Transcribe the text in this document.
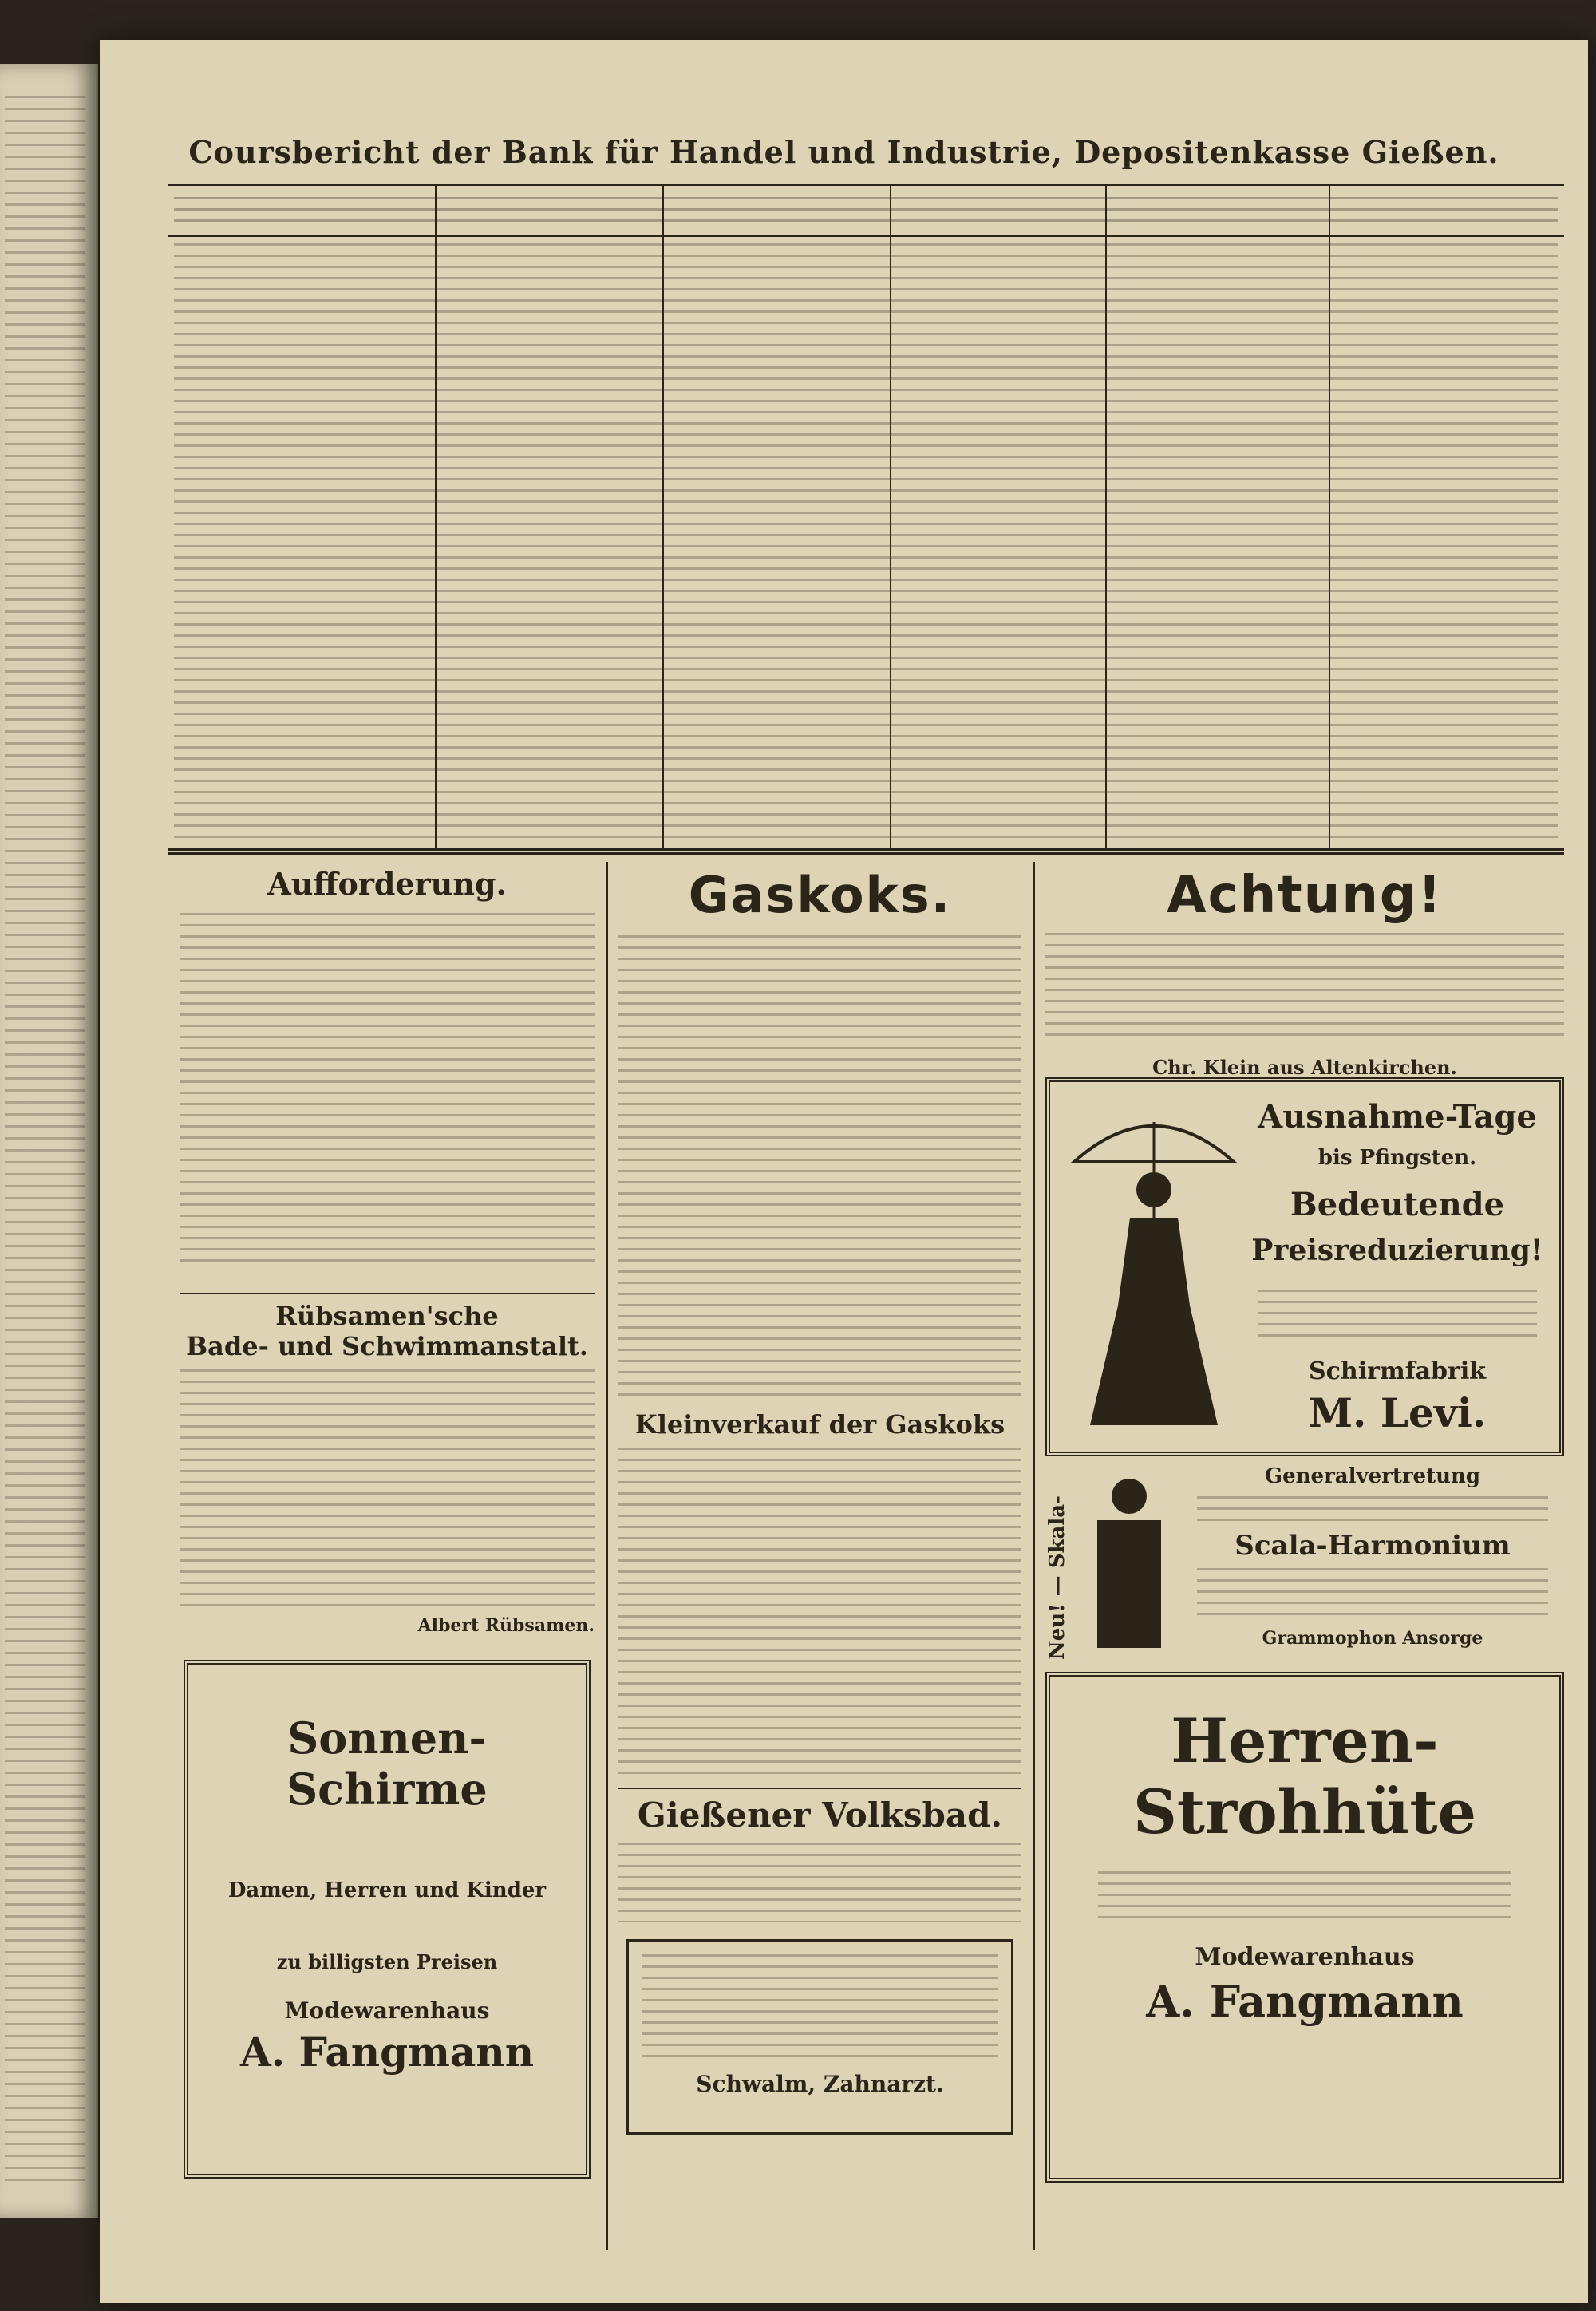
Coursbericht der Bank für Handel und Industrie, Depositenkasse Gießen.
Aufforderung.
Rübsamen'sche
Bade- und Schwimmanstalt.
Albert Rübsamen.
Sonnen-Schirme
Damen, Herren und Kinder
zu billigsten Preisen
Modewarenhaus
A. Fangmann
Gaskoks.
Kleinverkauf der Gaskoks
Gießener Volksbad.
Schwalm, Zahnarzt.
Achtung!
Chr. Klein aus Altenkirchen.
Ausnahme-Tage
bis Pfingsten.
Bedeutende
Preisreduzierung!
Schirmfabrik
M. Levi.
Neu! — Skala-
Generalvertretung
Scala-Harmonium
Grammophon Ansorge
Herren-
Strohhüte
Modewarenhaus
A. Fangmann
